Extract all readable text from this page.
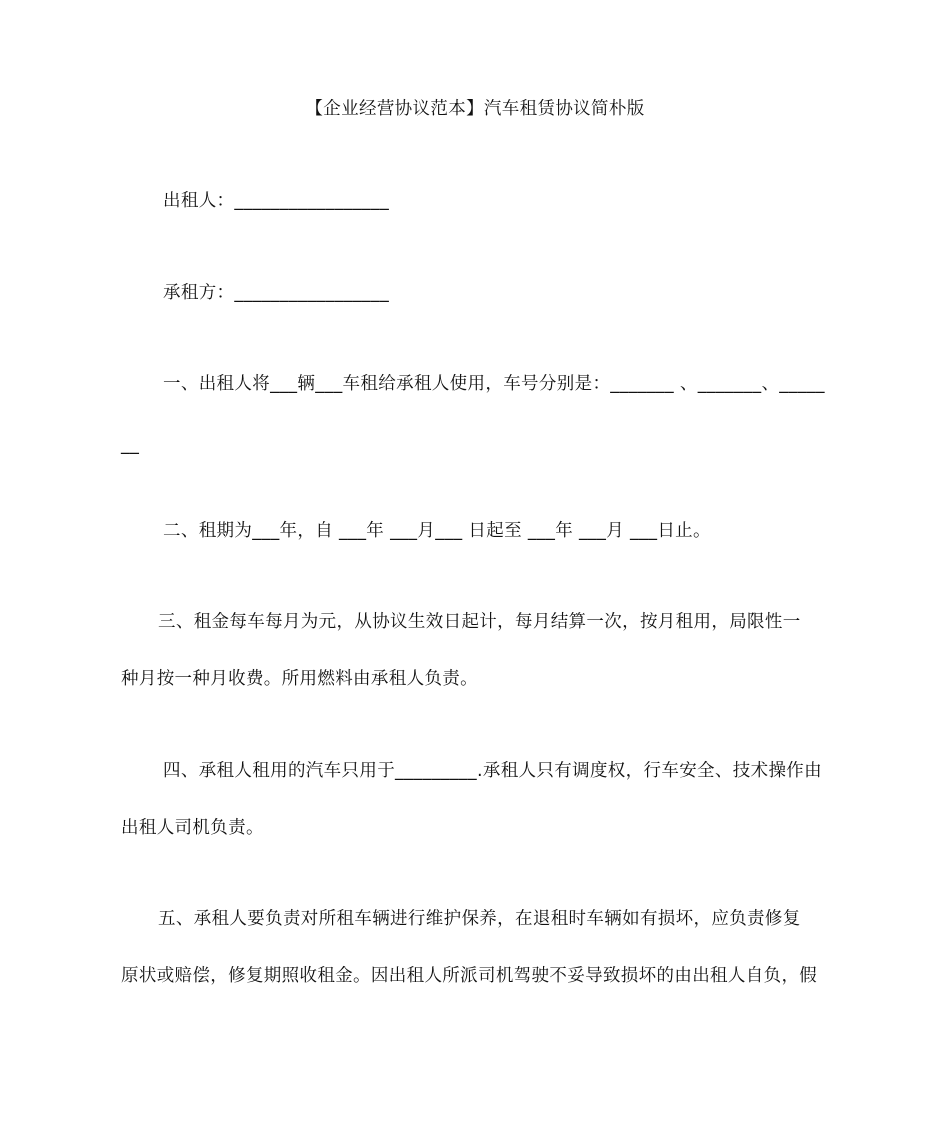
【企业经营协议范本】汽车租赁协议简朴版

出租人：_________________

承租方：_________________

一、出租人将___辆___车租给承租人使用，车号分别是：_______ 、_______、_____

__

二、租期为___年，自 ___年 ___月___ 日起至 ___年 ___月 ___日止。

三、租金每车每月为元，从协议生效日起计，每月结算一次，按月租用，局限性一

种月按一种月收费。所用燃料由承租人负责。

四、承租人租用的汽车只用于_________.承租人只有调度权，行车安全、技术操作由

出租人司机负责。

五、承租人要负责对所租车辆进行维护保养，在退租时车辆如有损坏，应负责修复

原状或赔偿，修复期照收租金。因出租人所派司机驾驶不妥导致损坏的由出租人自负，假
